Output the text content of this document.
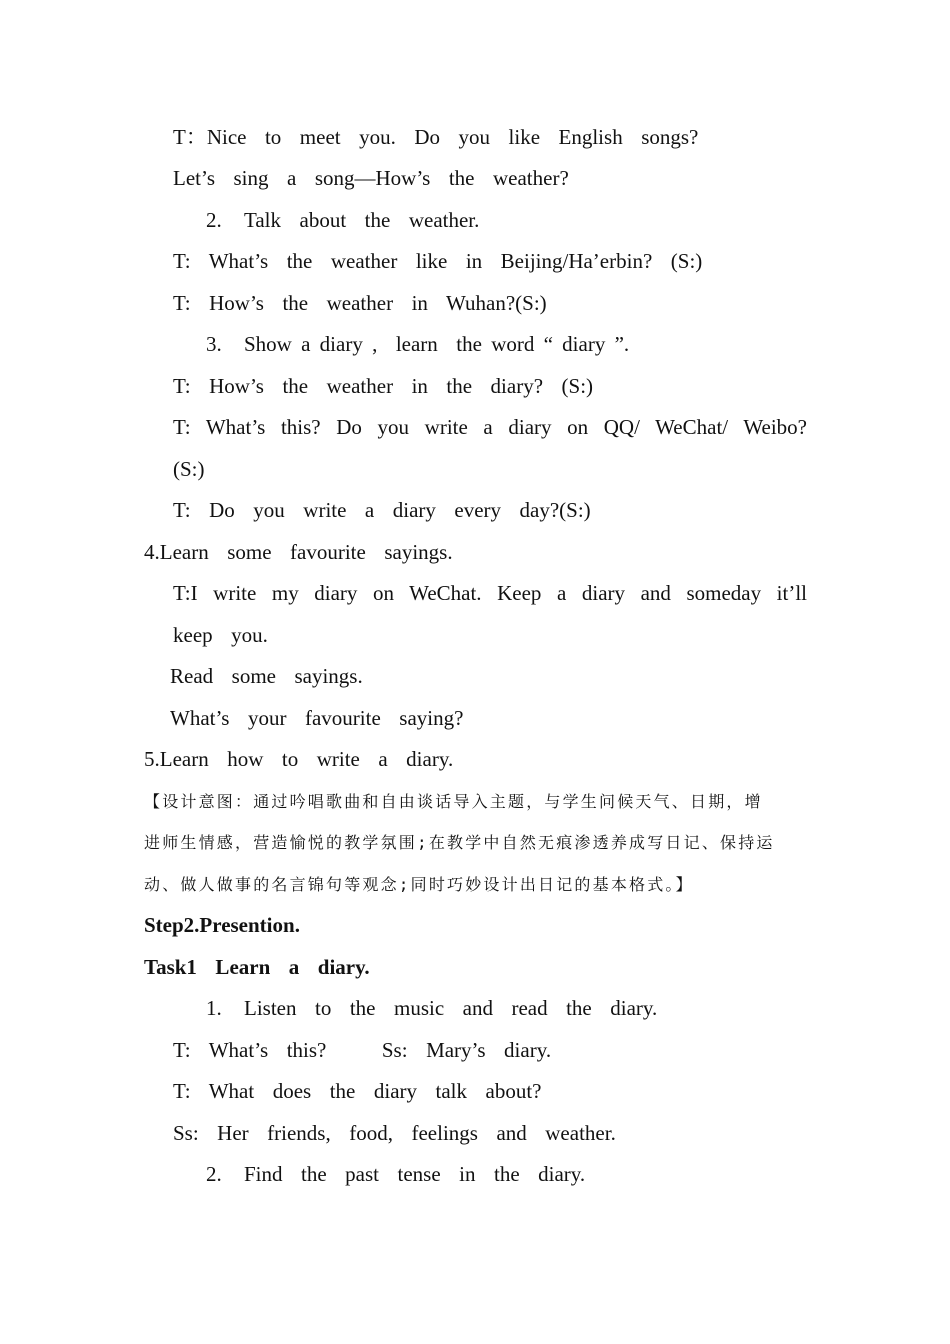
T：Nice  to  meet  you.  Do  you  like  English  songs?
Let’s  sing  a  song—How’s  the  weather?
2. Talk  about  the  weather.
T:  What’s  the  weather  like  in  Beijing/Ha’erbin?  (S:)
T:  How’s  the  weather  in  Wuhan?(S:)
3. Show a diary ,  learn  the word “ diary ”.
T:  How’s  the  weather  in  the  diary?  (S:)
T: What’s this? Do you write a diary on QQ/ WeChat/ Weibo?
(S:)
T:  Do  you  write  a  diary  every  day?(S:)
4.Learn  some  favourite  sayings.
T:I write my diary on WeChat. Keep a diary and someday it’ll
keep  you.
Read  some  sayings.
What’s  your  favourite  saying?
5.Learn  how  to  write  a  diary.
【设计意图：通过吟唱歌曲和自由谈话导入主题，与学生问候天气、日期，增
进师生情感，营造愉悦的教学氛围;在教学中自然无痕渗透养成写日记、保持运
动、做人做事的名言锦句等观念;同时巧妙设计出日记的基本格式。】
Step2.Presention.
Task1  Learn  a  diary.
1. Listen  to  the  music  and  read  the  diary.
T:  What’s  this?      Ss:  Mary’s  diary.
T:  What  does  the  diary  talk  about?
Ss:  Her  friends,  food,  feelings  and  weather.
2. Find  the  past  tense  in  the  diary.
